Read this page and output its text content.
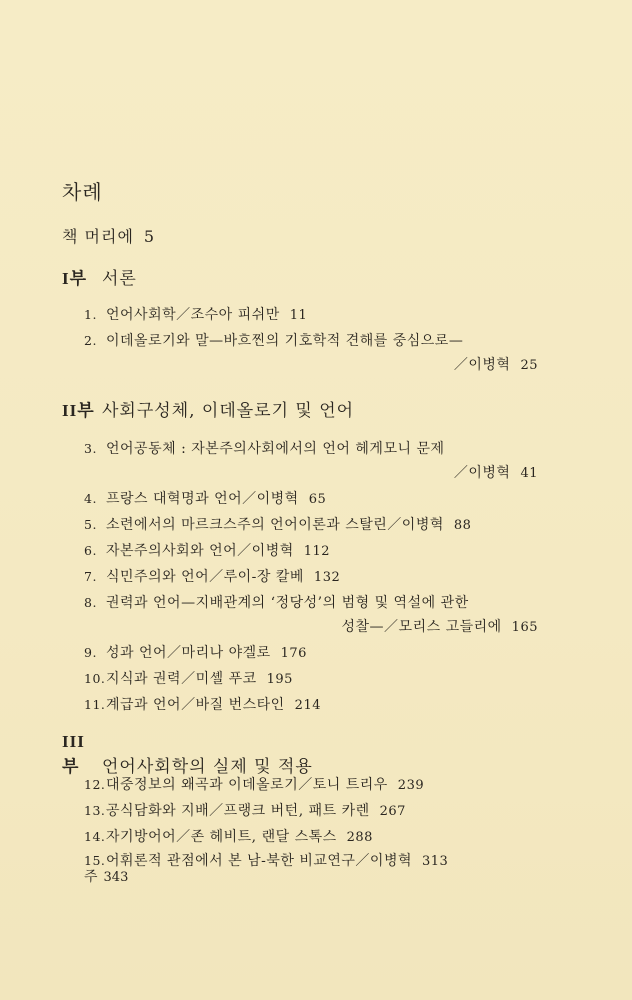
차례
책 머리에 5
I부 서론
1. 언어사회학／조수아 피쉬만 11
2. 이데올로기와 말—바흐찐의 기호학적 견해를 중심으로—
／이병혁 25
II부 사회구성체, 이데올로기 및 언어
3. 언어공동체 : 자본주의사회에서의 언어 헤게모니 문제
／이병혁 41
4. 프랑스 대혁명과 언어／이병혁 65
5. 소련에서의 마르크스주의 언어이론과 스탈린／이병혁 88
6. 자본주의사회와 언어／이병혁 112
7. 식민주의와 언어／루이-장 칼베 132
8. 권력과 언어—지배관계의 ‘정당성’의 범형 및 역설에 관한
성찰—／모리스 고들리에 165
9. 성과 언어／마리나 야겔로 176
10.지식과 권력／미셸 푸코 195
11.계급과 언어／바질 번스타인 214
III부 언어사회학의 실제 및 적용
12.대중정보의 왜곡과 이데올로기／토니 트리우 239
13.공식담화와 지배／프랭크 버턴, 패트 카렌 267
14.자기방어어／존 헤비트, 랜달 스톡스 288
15.어휘론적 관점에서 본 남-북한 비교연구／이병혁 313
주 343
